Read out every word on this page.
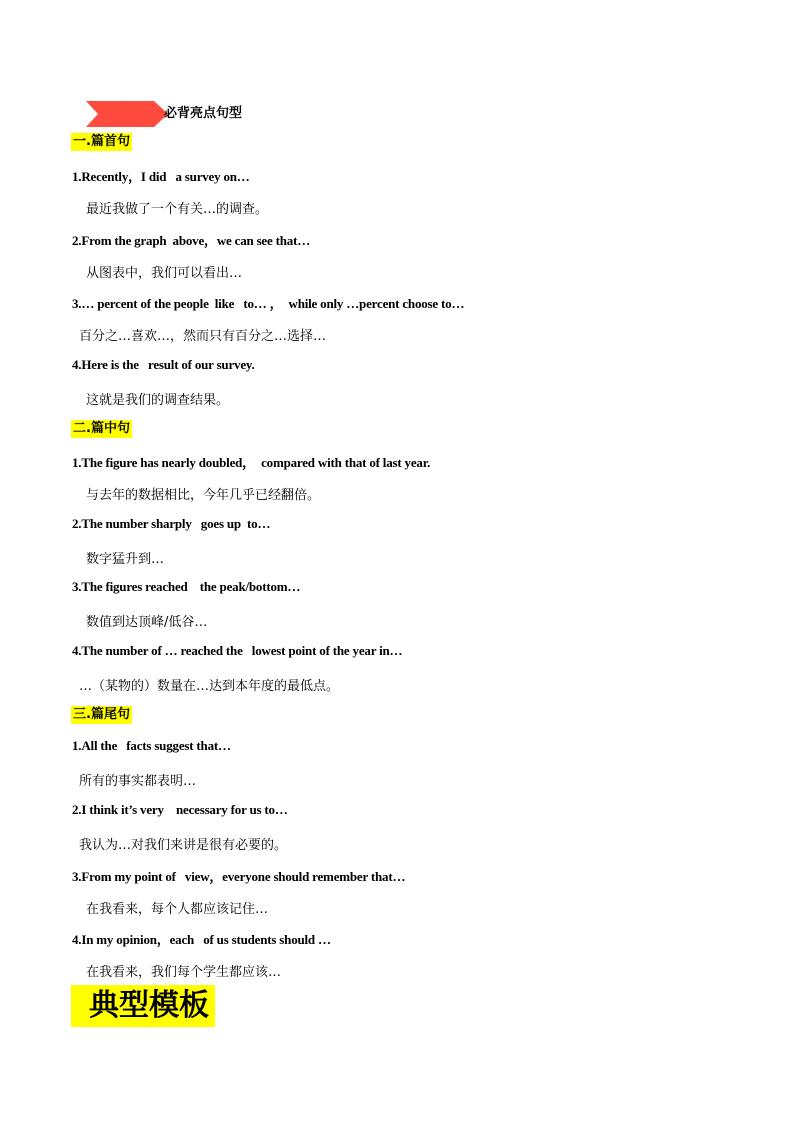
必背亮点句型
一.篇首句
1.Recently，I did   a survey on…
最近我做了一个有关…的调查。
2.From the graph  above，we can see that…
从图表中，我们可以看出…
3.… percent of the people  like   to… ，  while only …percent choose to…
百分之…喜欢…，然而只有百分之…选择…
4.Here is the   result of our survey.
这就是我们的调查结果。
二.篇中句
1.The figure has nearly doubled，  compared with that of last year.
与去年的数据相比，今年几乎已经翻倍。
2.The number sharply   goes up  to…
数字猛升到…
3.The figures reached    the peak/bottom…
数值到达顶峰/低谷…
4.The number of … reached the   lowest point of the year in…
…（某物的）数量在…达到本年度的最低点。
三.篇尾句
1.All the   facts suggest that…
所有的事实都表明…
2.I think it’s very    necessary for us to…
我认为…对我们来讲是很有必要的。
3.From my point of   view，everyone should remember that…
在我看来，每个人都应该记住…
4.In my opinion，each   of us students should …
在我看来，我们每个学生都应该…
典型模板
